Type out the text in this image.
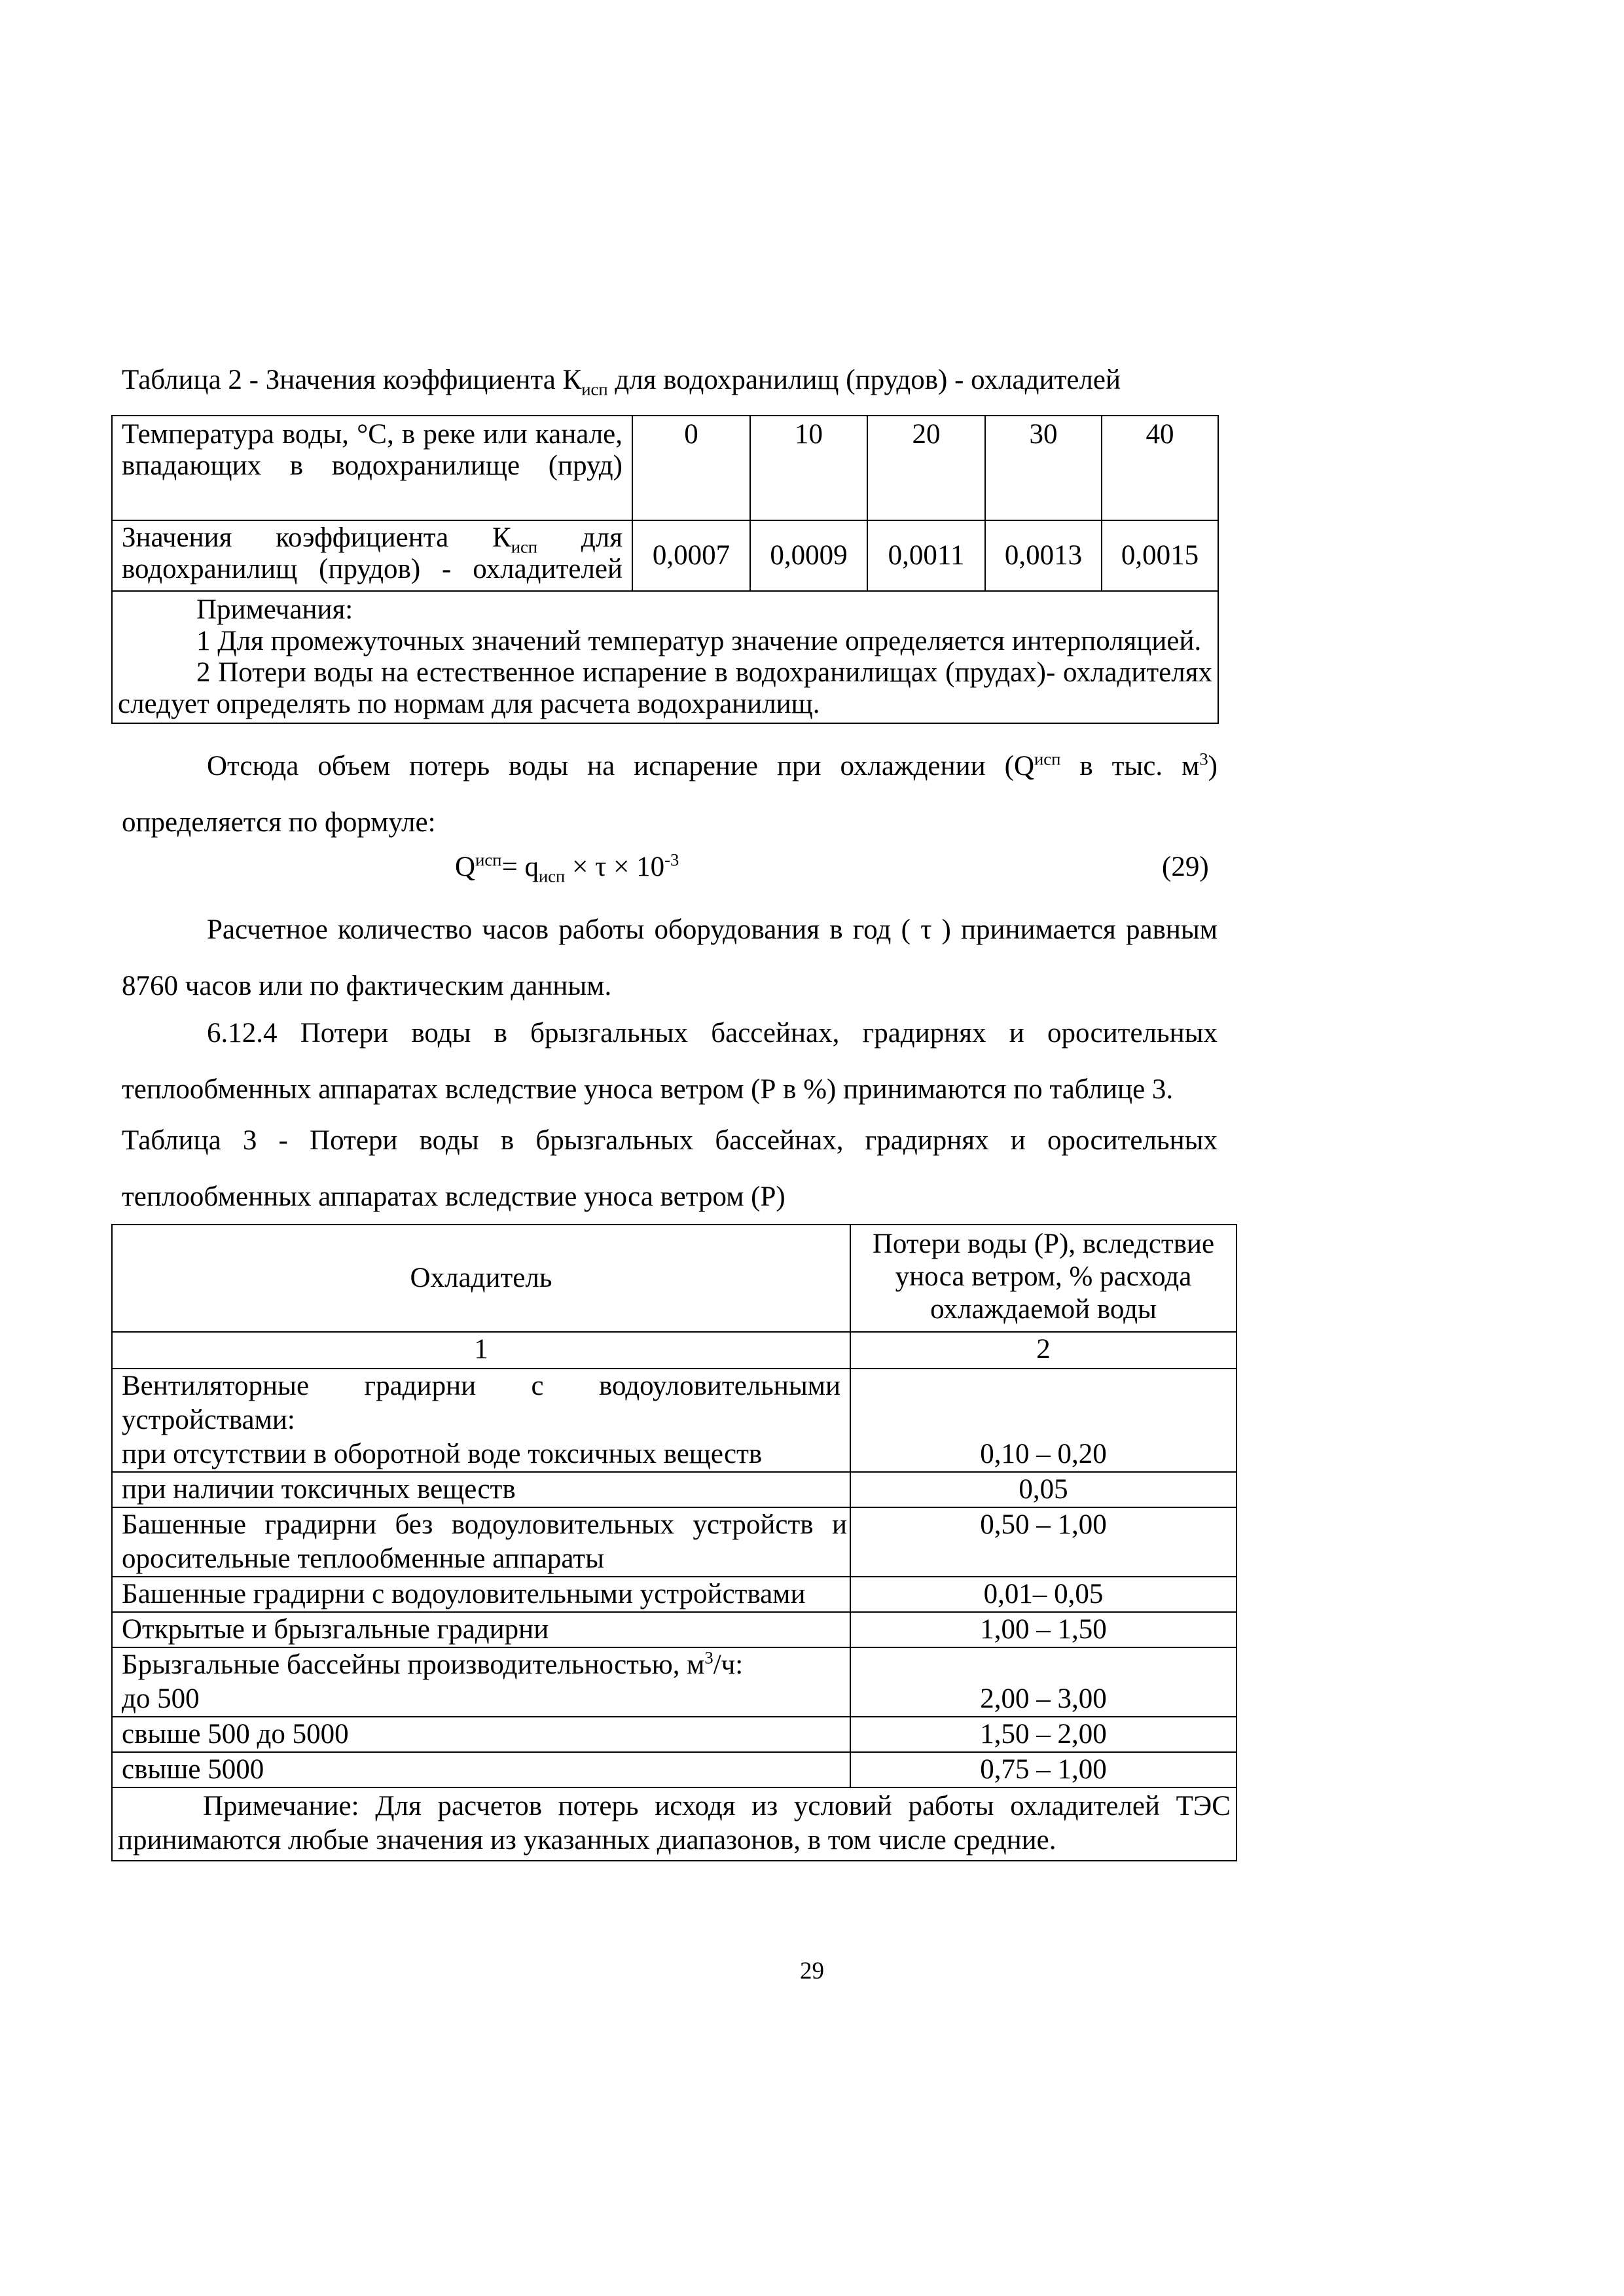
Таблица 2 - Значения коэффициента $К_{исп}$ для водохранилищ (прудов) - охладителей
Температура воды, °С, в реке или канале, впадающих в водохранилище (пруд)	0	10	20	30	40
Значения коэффициента $К_{исп}$ для водохранилищ (прудов) - охладителей	0,0007	0,0009	0,0011	0,0013	0,0015

Примечания:
1 Для промежуточных значений температур значение определяется интерполяцией.
2 Потери воды на естественное испарение в водохранилищах (прудах)- охладителях следует определять по нормам для расчета водохранилищ.					
Отсюда объем потерь воды на испарение при охлаждении ($Q^{исп}$ в тыс. $м^3$) определяется по формуле:
$Q^{исп}= q_{исп} \times \tau \times 10^{-3}$	(29)
Расчетное количество часов работы оборудования в год ( τ ) принимается равным 8760 часов или по фактическим данным.
6.12.4 Потери воды в брызгальных бассейнах, градирнях и оросительных теплообменных аппаратах вследствие уноса ветром (Р в %) принимаются по таблице 3.
Таблица 3 - Потери воды в брызгальных бассейнах, градирнях и оросительных теплообменных аппаратах вследствие уноса ветром (Р)
Охладитель	Потери воды (Р), вследствие уноса ветром, % расхода охлаждаемой воды
1	2

Вентиляторные градирни с водоуловительными устройствами:
при отсутствии в оборотной воде токсичных веществ	0,10 – 0,20
при наличии токсичных веществ	0,05
Башенные градирни без водоуловительных устройств и оросительные теплообменные аппараты	0,50 – 1,00
Башенные градирни с водоуловительными устройствами	0,01– 0,05
Открытые и брызгальные градирни	1,00 – 1,50

Брызгальные бассейны производительностью, $м^3/ч$:
до 500	2,00 – 3,00
свыше 500 до 5000	1,50 – 2,00
свыше 5000	0,75 – 1,00
Примечание: Для расчетов потерь исходя из условий работы охладителей ТЭС принимаются любые значения из указанных диапазонов, в том числе средние.	
29
